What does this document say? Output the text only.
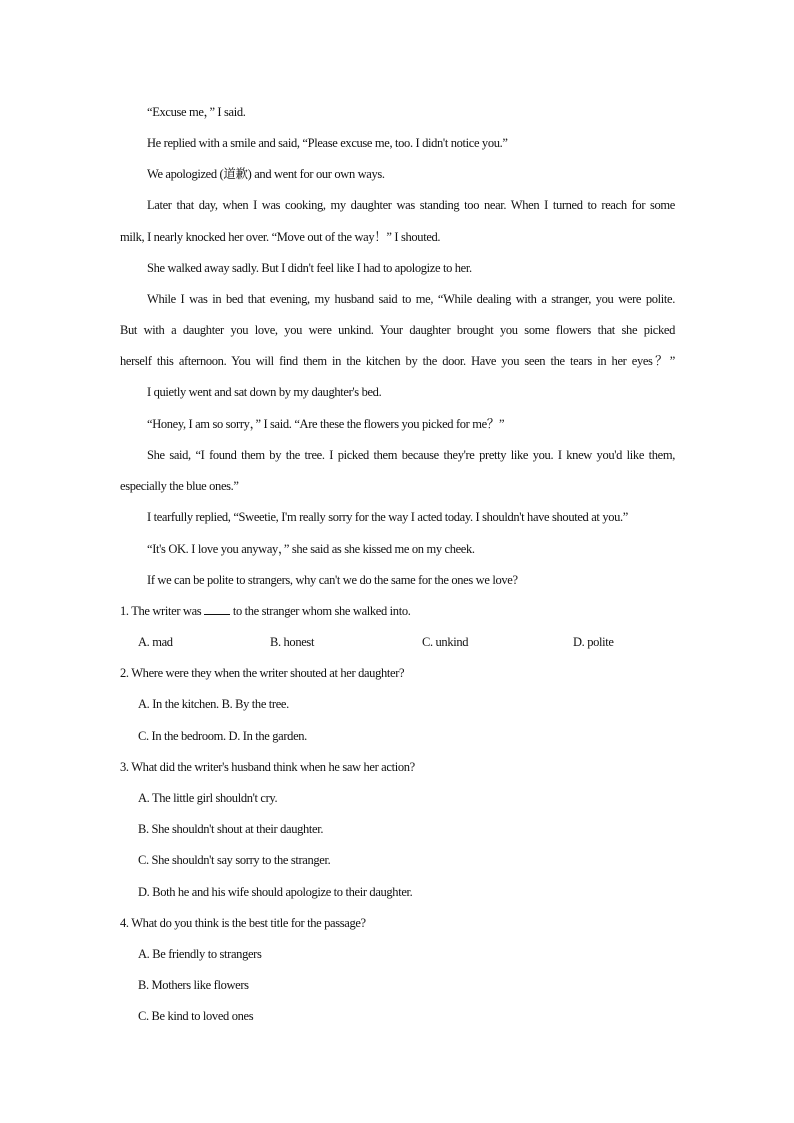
“Excuse me，” I said.
He replied with a smile and said, “Please excuse me, too. I didn't notice you.”
We apologized (道歉) and went for our own ways.
Later that day, when I was cooking, my daughter was standing too near. When I turned to reach for some
milk, I nearly knocked her over. “Move out of the way！” I shouted.
She walked away sadly. But I didn't feel like I had to apologize to her.
While I was in bed that evening, my husband said to me, “While dealing with a stranger, you were polite.
But with a daughter you love, you were unkind. Your daughter brought you some flowers that she picked
herself this afternoon. You will find them in the kitchen by the door. Have you seen the tears in her eyes？”
I quietly went and sat down by my daughter's bed.
“Honey, I am so sorry，” I said. “Are these the flowers you picked for me？”
She said, “I found them by the tree. I picked them because they're pretty like you. I knew you'd like them,
especially the blue ones.”
I tearfully replied, “Sweetie, I'm really sorry for the way I acted today. I shouldn't have shouted at you.”
“It's OK. I love you anyway，” she said as she kissed me on my cheek.
If we can be polite to strangers, why can't we do the same for the ones we love?
1. The writer was	to the stranger whom she walked into.
A. mad	B. honest	C. unkind	D. polite
2. Where were they when the writer shouted at her daughter?
A. In the kitchen. B. By the tree.
C. In the bedroom. D. In the garden.
3. What did the writer's husband think when he saw her action?
A. The little girl shouldn't cry.
B. She shouldn't shout at their daughter.
C. She shouldn't say sorry to the stranger.
D. Both he and his wife should apologize to their daughter.
4. What do you think is the best title for the passage?
A. Be friendly to strangers
B. Mothers like flowers
C. Be kind to loved ones
